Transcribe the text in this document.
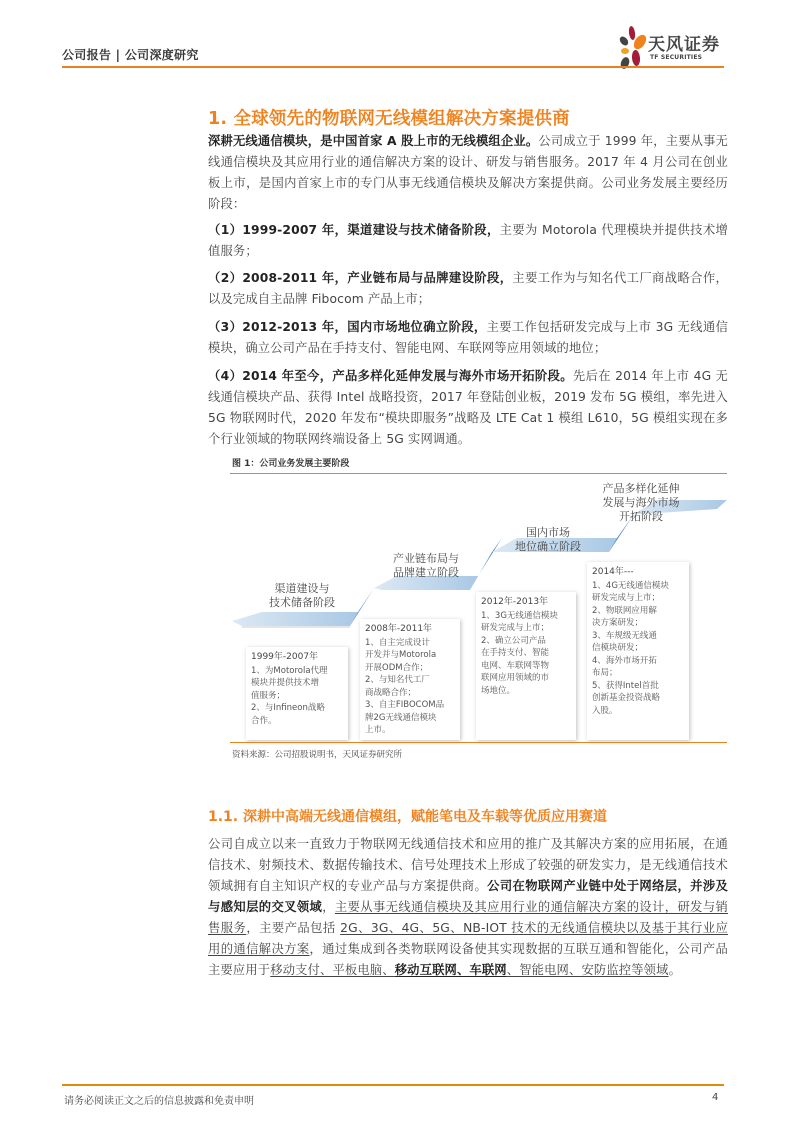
公司报告 | 公司深度研究	天风证券
TF SECURITIES
1. 全球领先的物联网无线模组解决方案提供商
深耕无线通信模块，是中国首家 A 股上市的无线模组企业。公司成立于 1999 年，主要从事无线通信模块及其应用行业的通信解决方案的设计、研发与销售服务。2017 年 4 月公司在创业板上市，是国内首家上市的专门从事无线通信模块及解决方案提供商。公司业务发展主要经历阶段：
（1）1999-2007 年，渠道建设与技术储备阶段，主要为 Motorola 代理模块并提供技术增值服务；
（2）2008-2011 年，产业链布局与品牌建设阶段，主要工作为与知名代工厂商战略合作，以及完成自主品牌 Fibocom 产品上市；
（3）2012-2013 年，国内市场地位确立阶段，主要工作包括研发完成与上市 3G 无线通信模块，确立公司产品在手持支付、智能电网、车联网等应用领域的地位；
（4）2014 年至今，产品多样化延伸发展与海外市场开拓阶段。先后在 2014 年上市 4G 无线通信模块产品、获得 Intel 战略投资，2017 年登陆创业板，2019 发布 5G 模组，率先进入 5G 物联网时代，2020 年发布“模块即服务”战略及 LTE Cat 1 模组 L610，5G 模组实现在多个行业领域的物联网终端设备上 5G 实网调通。
图 1：公司业务发展主要阶段
渠道建设与
技术储备阶段
产业链布局与
品牌建立阶段
国内市场
地位确立阶段
产品多样化延伸
发展与海外市场
开拓阶段
1999年-2007年
1、为Motorola代理
模块并提供技术增
值服务；
2、与Infineon战略
合作。
2008年-2011年
1、自主完成设计
开发并与Motorola
开展ODM合作；
2、与知名代工厂
商战略合作；
3、自主FIBOCOM品
牌2G无线通信模块
上市。
2012年-2013年
1、3G无线通信模块
研发完成与上市；
2、确立公司产品
在手持支付、智能
电网、车联网等物
联网应用领域的市
场地位。
2014年---
1、4G无线通信模块
研发完成与上市；
2、物联网应用解
决方案研发；
3、车规级无线通
信模块研发；
4、海外市场开拓
布局；
5、获得Intel首批
创新基金投资战略
入股。
资料来源：公司招股说明书，天风证券研究所
1.1. 深耕中高端无线通信模组，赋能笔电及车载等优质应用赛道
公司自成立以来一直致力于物联网无线通信技术和应用的推广及其解决方案的应用拓展，在通信技术、射频技术、数据传输技术、信号处理技术上形成了较强的研发实力，是无线通信技术领域拥有自主知识产权的专业产品与方案提供商。公司在物联网产业链中处于网络层，并涉及与感知层的交叉领域，主要从事无线通信模块及其应用行业的通信解决方案的设计，研发与销售服务，主要产品包括 2G、3G、4G、5G、NB-IOT 技术的无线通信模块以及基于其行业应用的通信解决方案，通过集成到各类物联网设备使其实现数据的互联互通和智能化，公司产品主要应用于移动支付、平板电脑、移动互联网、车联网、智能电网、安防监控等领域。
请务必阅读正文之后的信息披露和免责申明	4
